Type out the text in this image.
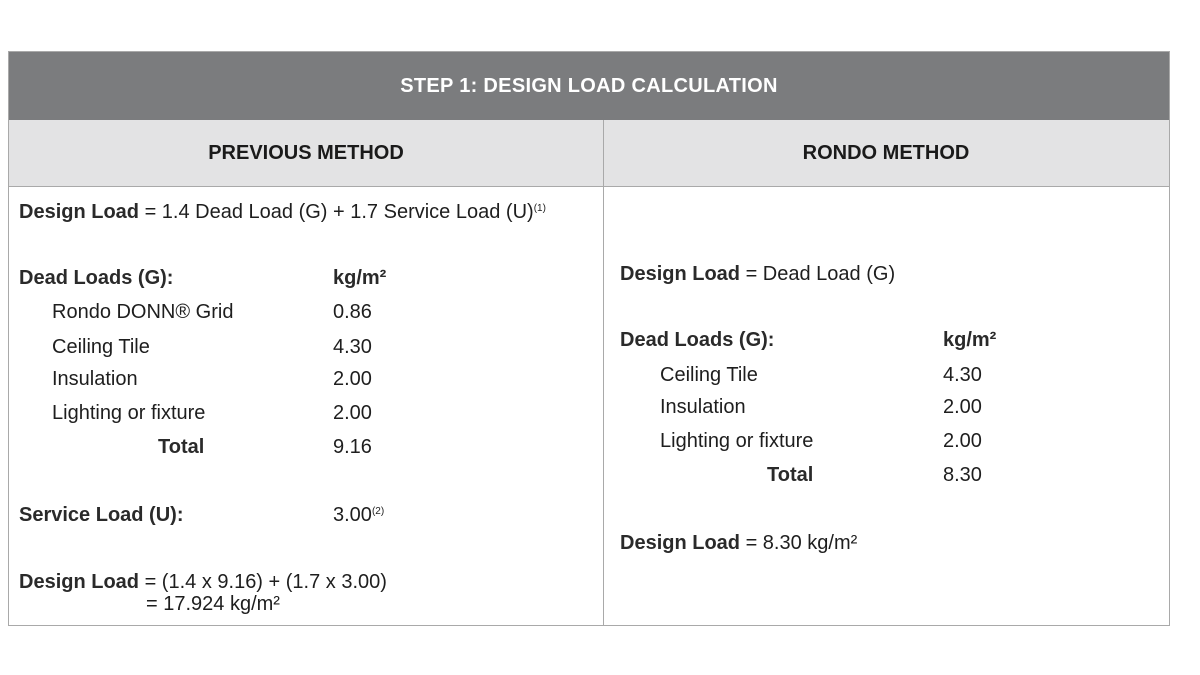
STEP 1: DESIGN LOAD CALCULATION
PREVIOUS METHOD	RONDO METHOD
Design Load = 1.4 Dead Load (G) + 1.7 Service Load $(U)^{(1)}$
Dead Loads (G):	kg/m²
Rondo DONN® Grid	0.86
Ceiling Tile	4.30
Insulation	2.00
Lighting or fixture	2.00
Total	9.16
Service Load (U):	3.00$^{(2)}$
Design Load = (1.4 x 9.16) + (1.7 x 3.00)
= 17.924 kg/m²
Design Load = Dead Load (G)
Dead Loads (G):	kg/m²
Ceiling Tile	4.30
Insulation	2.00
Lighting or fixture	2.00
Total	8.30
Design Load = 8.30 kg/m²
